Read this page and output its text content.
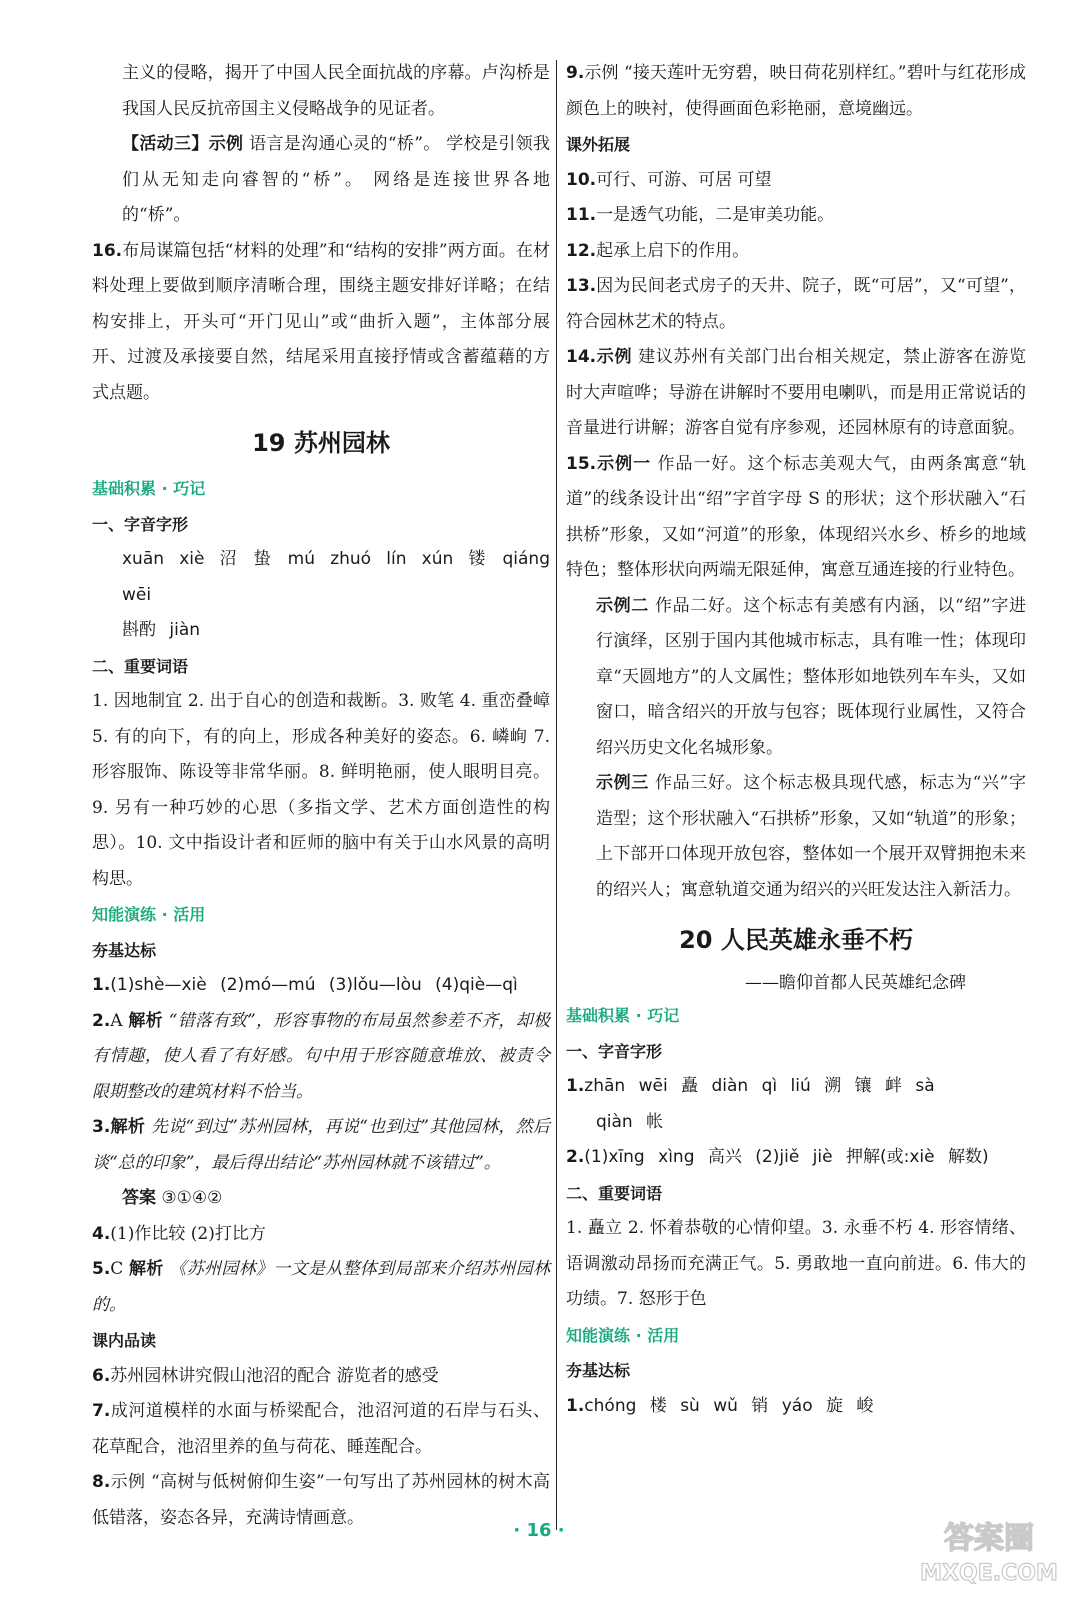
主义的侵略，揭开了中国人民全面抗战的序幕。卢沟桥是我国人民反抗帝国主义侵略战争的见证者。

【活动三】示例 语言是沟通心灵的“桥”。 学校是引领我们从无知走向睿智的“桥”。 网络是连接世界各地的“桥”。

16.布局谋篇包括“材料的处理”和“结构的安排”两方面。在材料处理上要做到顺序清晰合理，围绕主题安排好详略；在结构安排上，开头可“开门见山”或“曲折入题”，主体部分展开、过渡及承接要自然，结尾采用直接抒情或含蓄蕴藉的方式点题。

19 苏州园林

基础积累 · 巧记

一、字音字形

xuān xiè 沼 蛰 mú zhuó lín xún 镂 qiáng wēi

斟酌 jiàn

二、重要词语

1. 因地制宜 2. 出于自心的创造和裁断。3. 败笔 4. 重峦叠嶂 5. 有的向下，有的向上，形成各种美好的姿态。6. 嶙峋 7. 形容服饰、陈设等非常华丽。8. 鲜明艳丽，使人眼明目亮。9. 另有一种巧妙的心思（多指文学、艺术方面创造性的构思）。10. 文中指设计者和匠师的脑中有关于山水风景的高明构思。

知能演练 · 活用

夯基达标

1.(1)shè—xiè (2)mó—mú (3)lǒu—lòu (4)qiè—qì

2.A 解析 “错落有致”，形容事物的布局虽然参差不齐，却极有情趣，使人看了有好感。句中用于形容随意堆放、被责令限期整改的建筑材料不恰当。

3.解析 先说“到过”苏州园林，再说“也到过”其他园林，然后谈“总的印象”，最后得出结论“苏州园林就不该错过”。

答案 ③①④②

4.(1)作比较 (2)打比方

5.C 解析 《苏州园林》一文是从整体到局部来介绍苏州园林的。

课内品读

6.苏州园林讲究假山池沼的配合 游览者的感受

7.成河道模样的水面与桥梁配合，池沼河道的石岸与石头、花草配合，池沼里养的鱼与荷花、睡莲配合。

8.示例 “高树与低树俯仰生姿”一句写出了苏州园林的树木高低错落，姿态各异，充满诗情画意。

9.示例 “接天莲叶无穷碧，映日荷花别样红。”碧叶与红花形成颜色上的映衬，使得画面色彩艳丽，意境幽远。

课外拓展

10.可行、可游、可居 可望

11.一是透气功能，二是审美功能。

12.起承上启下的作用。

13.因为民间老式房子的天井、院子，既“可居”，又“可望”，符合园林艺术的特点。

14.示例 建议苏州有关部门出台相关规定，禁止游客在游览时大声喧哗；导游在讲解时不要用电喇叭，而是用正常说话的音量进行讲解；游客自觉有序参观，还园林原有的诗意面貌。

15.示例一 作品一好。这个标志美观大气，由两条寓意“轨道”的线条设计出“绍”字首字母 S 的形状；这个形状融入“石拱桥”形象，又如“河道”的形象，体现绍兴水乡、桥乡的地域特色；整体形状向两端无限延伸，寓意互通连接的行业特色。

示例二 作品二好。这个标志有美感有内涵，以“绍”字进行演绎，区别于国内其他城市标志，具有唯一性；体现印章“天圆地方”的人文属性；整体形如地铁列车车头，又如窗口，暗含绍兴的开放与包容；既体现行业属性，又符合绍兴历史文化名城形象。

示例三 作品三好。这个标志极具现代感，标志为“兴”字造型；这个形状融入“石拱桥”形象，又如“轨道”的形象；上下部开口体现开放包容，整体如一个展开双臂拥抱未来的绍兴人；寓意轨道交通为绍兴的兴旺发达注入新活力。

20 人民英雄永垂不朽
——瞻仰首都人民英雄纪念碑

基础积累 · 巧记

一、字音字形

1.zhān wēi 矗 diàn qì liú 溯 镶 衅 sà

qiàn 帐

2.(1)xīng xìng 高兴 (2)jiě jiè 押解(或:xiè 解数)

二、重要词语

1. 矗立 2. 怀着恭敬的心情仰望。3. 永垂不朽 4. 形容情绪、语调激动昂扬而充满正气。5. 勇敢地一直向前进。6. 伟大的功绩。7. 怒形于色

知能演练 · 活用

夯基达标

1.chóng 楼 sù wǔ 销 yáo 旋 峻

· 16 ·	答案圈
MXQE.COM
